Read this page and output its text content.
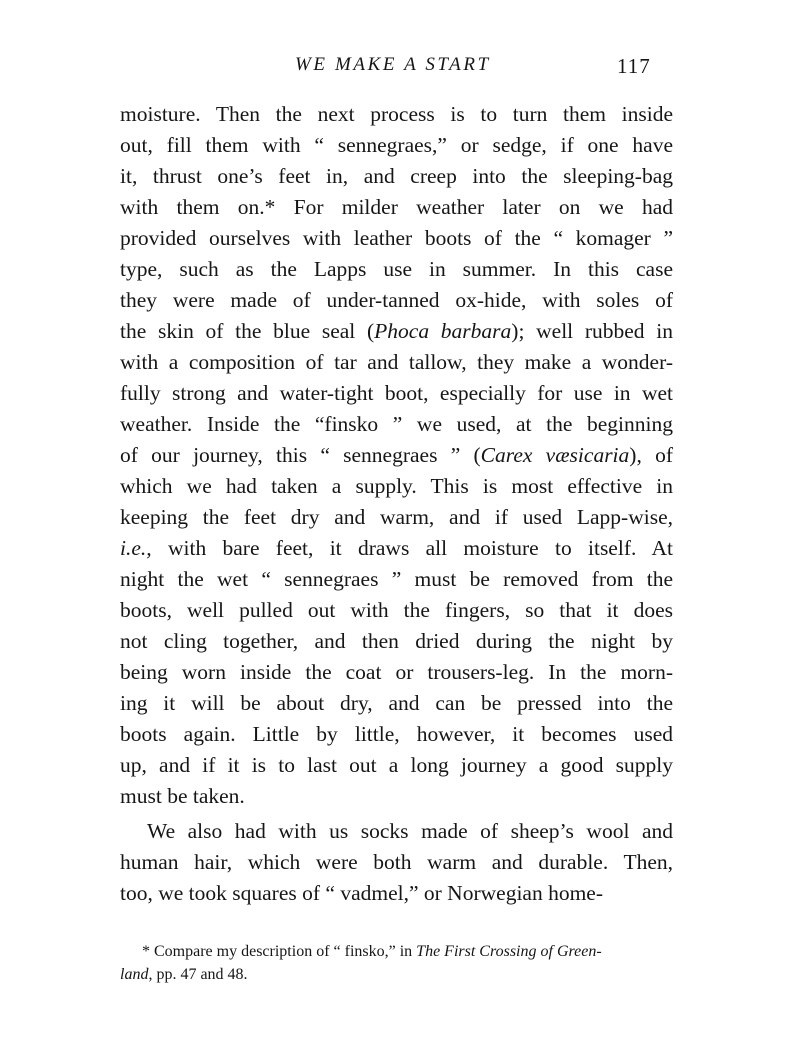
WE MAKE A START	117
moisture. Then the next process is to turn them inside
out, fill them with “ sennegraes,” or sedge, if one have
it, thrust one’s feet in, and creep into the sleeping-bag
with them on.* For milder weather later on we had
provided ourselves with leather boots of the “ komager ”
type, such as the Lapps use in summer. In this case
they were made of under-tanned ox-hide, with soles of
the skin of the blue seal (Phoca barbara); well rubbed in
with a composition of tar and tallow, they make a wonder-
fully strong and water-tight boot, especially for use in wet
weather. Inside the “finsko ” we used, at the beginning
of our journey, this “ sennegraes ” (Carex væsicaria), of
which we had taken a supply. This is most effective in
keeping the feet dry and warm, and if used Lapp-wise,
i.e., with bare feet, it draws all moisture to itself. At
night the wet “ sennegraes ” must be removed from the
boots, well pulled out with the fingers, so that it does
not cling together, and then dried during the night by
being worn inside the coat or trousers-leg. In the morn-
ing it will be about dry, and can be pressed into the
boots again. Little by little, however, it becomes used
up, and if it is to last out a long journey a good supply
must be taken.
We also had with us socks made of sheep’s wool and
human hair, which were both warm and durable. Then,
too, we took squares of “ vadmel,” or Norwegian home-
* Compare my description of “ finsko,” in The First Crossing of Green-
land, pp. 47 and 48.
